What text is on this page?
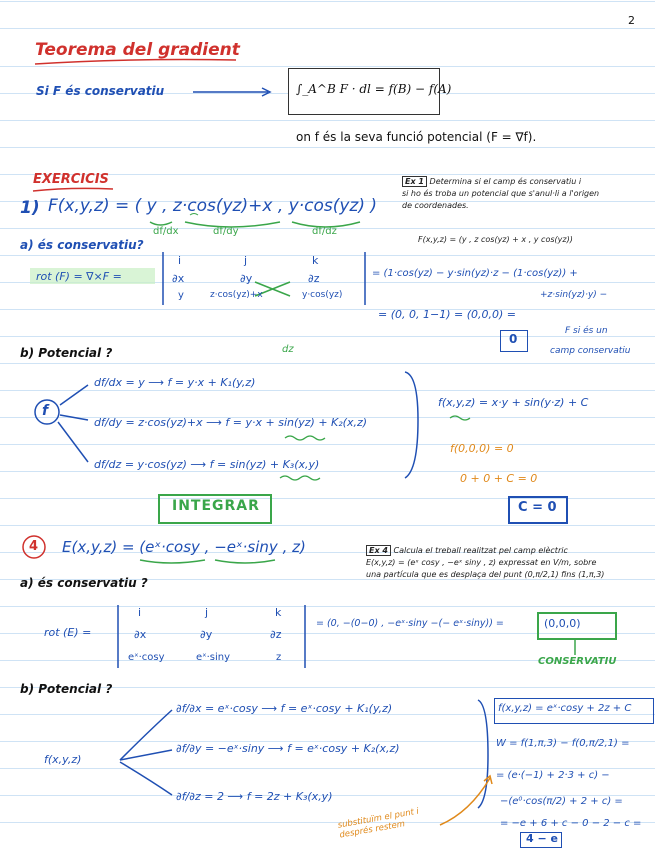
2
Teorema del gradient
Si F és conservatiu	∫_A^B F · dl = f(B) − f(A)
on f és la seva funció potencial (F = ∇f).
EXERCICIS
1) F(x,y,z) = ( y , z·cos(yz)+x , y·cos(yz) )
df/dx	df/dy	df/dz
Ex 1 Determina si el camp és conservatiu i
si ho és troba un potencial que s'anul·li a l'origen
de coordenades.
F(x,y,z) = (y , z cos(yz) + x , y cos(yz))
a) és conservatiu?
rot (F) = ∇×F =
i	j	k
∂x	∂y	∂z
y	z·cos(yz)+x	y·cos(yz)
= (1·cos(yz) − y·sin(yz)·z − (1·cos(yz)) +
+z·sin(yz)·y) −
= (0, 0, 1−1) = (0,0,0) =
0
F si és un
camp conservatiu
b) Potencial ?	dz
f
df/dx = y ⟶ f = y·x + K₁(y,z)
df/dy = z·cos(yz)+x ⟶ f = y·x + sin(yz) + K₂(x,z)
df/dz = y·cos(yz) ⟶ f = sin(yz) + K₃(x,y)
f(x,y,z) = x·y + sin(y·z) + C
f(0,0,0) = 0
0 + 0 + C = 0
C = 0
INTEGRAR
4 E(x,y,z) = (eˣ·cosy , −eˣ·siny , z)	Ex 4 Calcula el treball realitzat pel camp elèctric
E(x,y,z) = (eˣ cosy , −eˣ siny , z) expressat en V/m, sobre
una partícula que es desplaça del punt (0,π/2,1) fins (1,π,3)
a) és conservatiu ?
rot (E) =
i	j	k
∂x	∂y	∂z
eˣ·cosy	eˣ·siny	z
= (0, −(0−0) , −eˣ·siny −(− eˣ·siny)) =	(0,0,0)
CONSERVATIU
b) Potencial ?
f(x,y,z)
∂f/∂x = eˣ·cosy ⟶ f = eˣ·cosy + K₁(y,z)
∂f/∂y = −eˣ·siny ⟶ f = eˣ·cosy + K₂(x,z)
∂f/∂z = 2 ⟶ f = 2z + K₃(x,y)
f(x,y,z) = eˣ·cosy + 2z + C
W = f(1,π,3) − f(0,π/2,1) =
= (e·(−1) + 2·3 + c) −
−(e⁰·cos(π/2) + 2 + c) =
= −e + 6 + c − 0 − 2 − c =
4 − e
substituïm el punt i després restem
